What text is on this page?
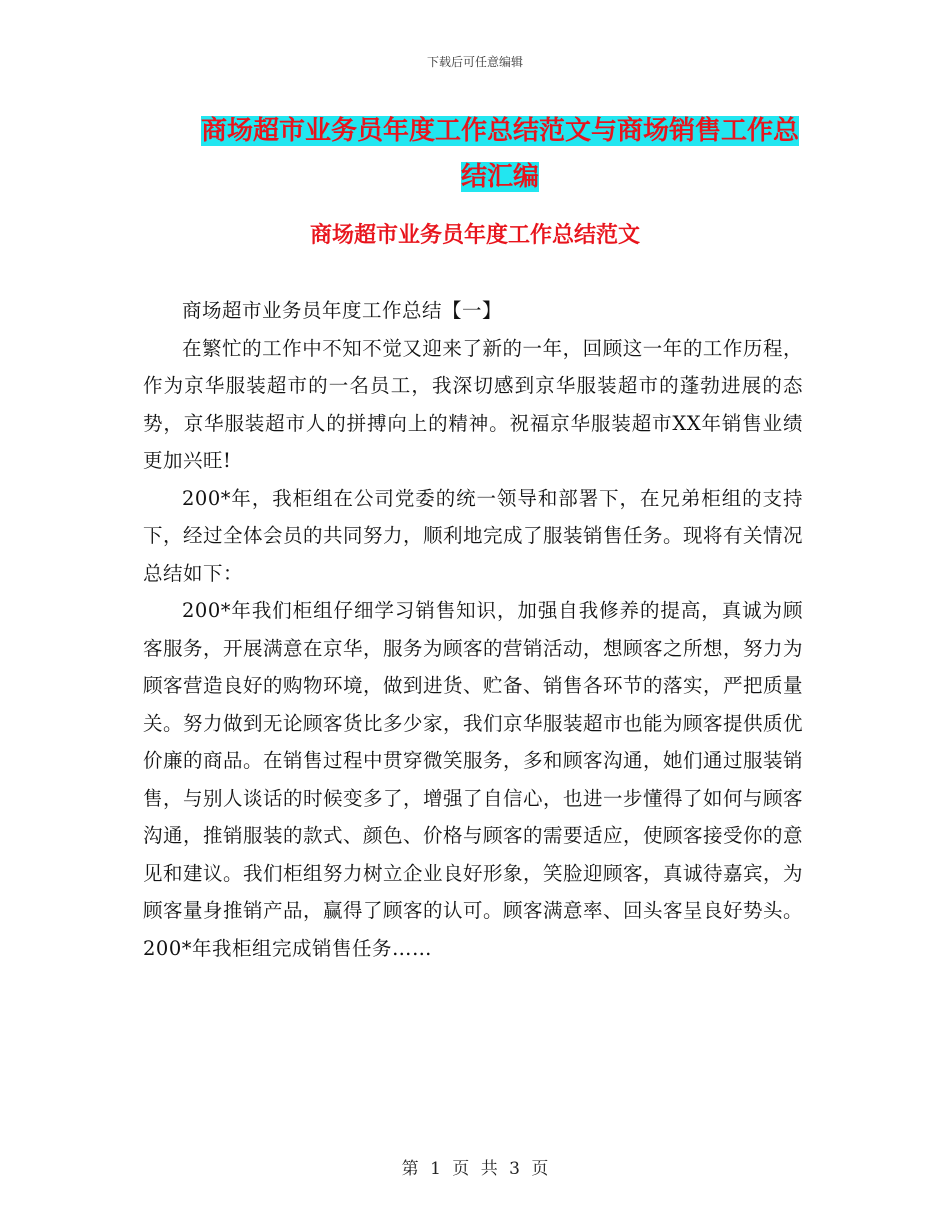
下载后可任意编辑
商场超市业务员年度工作总结范文与商场销售工作总
结汇编
商场超市业务员年度工作总结范文

商场超市业务员年度工作总结【一】

在繁忙的工作中不知不觉又迎来了新的一年，回顾这一年的工作历程，作为京华服装超市的一名员工，我深切感到京华服装超市的蓬勃进展的态势，京华服装超市人的拼搏向上的精神。祝福京华服装超市XX年销售业绩更加兴旺!

200*年，我柜组在公司党委的统一领导和部署下，在兄弟柜组的支持下，经过全体会员的共同努力，顺利地完成了服装销售任务。现将有关情况总结如下：

200*年我们柜组仔细学习销售知识，加强自我修养的提高，真诚为顾客服务，开展满意在京华，服务为顾客的营销活动，想顾客之所想，努力为顾客营造良好的购物环境，做到进货、贮备、销售各环节的落实，严把质量关。努力做到无论顾客货比多少家，我们京华服装超市也能为顾客提供质优价廉的商品。在销售过程中贯穿微笑服务，多和顾客沟通，她们通过服装销售，与别人谈话的时候变多了，增强了自信心，也进一步懂得了如何与顾客沟通，推销服装的款式、颜色、价格与顾客的需要适应，使顾客接受你的意见和建议。我们柜组努力树立企业良好形象，笑脸迎顾客，真诚待嘉宾，为顾客量身推销产品，赢得了顾客的认可。顾客满意率、回头客呈良好势头。200*年我柜组完成销售任务……

第 1 页 共 3 页
